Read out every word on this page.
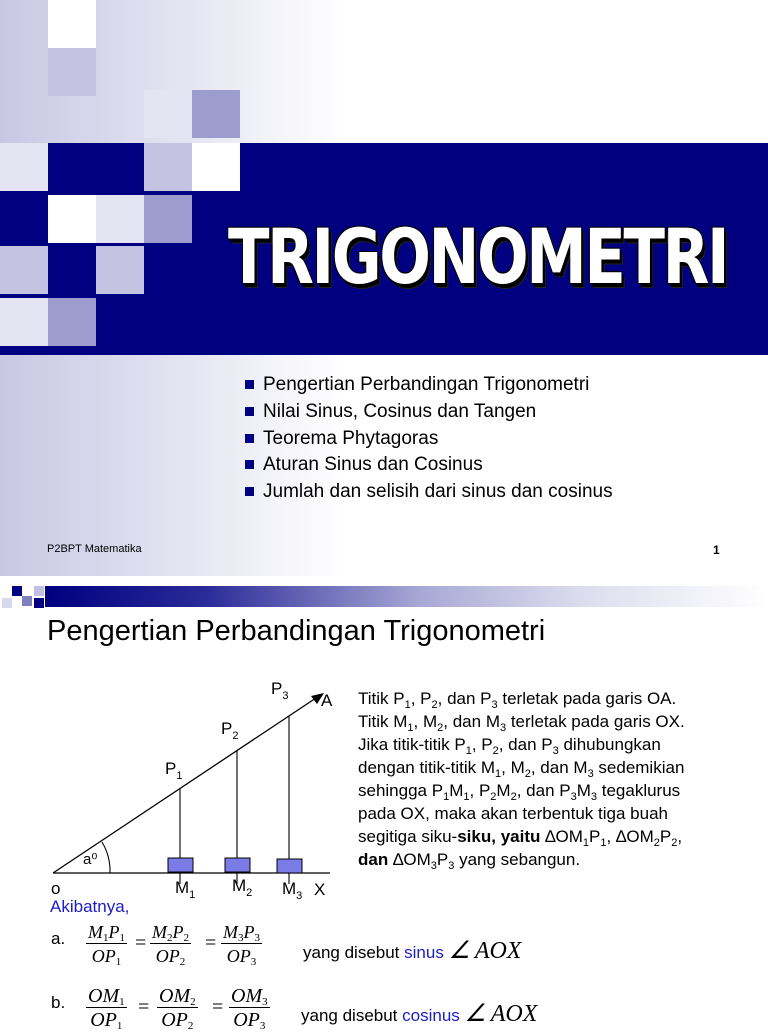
TRIGONOMETRI
Pengertian Perbandingan Trigonometri
Nilai Sinus, Cosinus dan Tangen
Teorema Phytagoras
Aturan Sinus dan Cosinus
Jumlah dan selisih dari sinus dan cosinus
P2BPT Matematika	1
Pengertian Perbandingan Trigonometri
o	X
A
a⁰
$P_1$
$P_2$
$P_3$
$M_1$ $M_2$ $M_3$
Titik $P_1$, $P_2$, dan $P_3$ terletak pada garis OA.
Titik $M_1$, $M_2$, dan $M_3$ terletak pada garis OX.
Jika titik-titik $P_1$, $P_2$, dan $P_3$ dihubungkan
dengan titik-titik $M_1$, $M_2$, dan $M_3$ sedemikian
sehingga $P_1M_1$, $P_2M_2$, dan $P_3M_3$ tegaklurus
pada OX, maka akan terbentuk tiga buah
segitiga siku-siku, yaitu $\Delta OM_1P_1$, $\Delta OM_2P_2$,
dan $\Delta OM_3P_3$ yang sebangun.
Akibatnya,
a. $\frac{M_1P_1}{OP_1} = \frac{M_2P_2}{OP_2} = \frac{M_3P_3}{OP_3}$ yang disebut sinus ∠ AOX
b. $\frac{OM_1}{OP_1} = \frac{OM_2}{OP_2} = \frac{OM_3}{OP_3}$ yang disebut cosinus ∠ AOX
